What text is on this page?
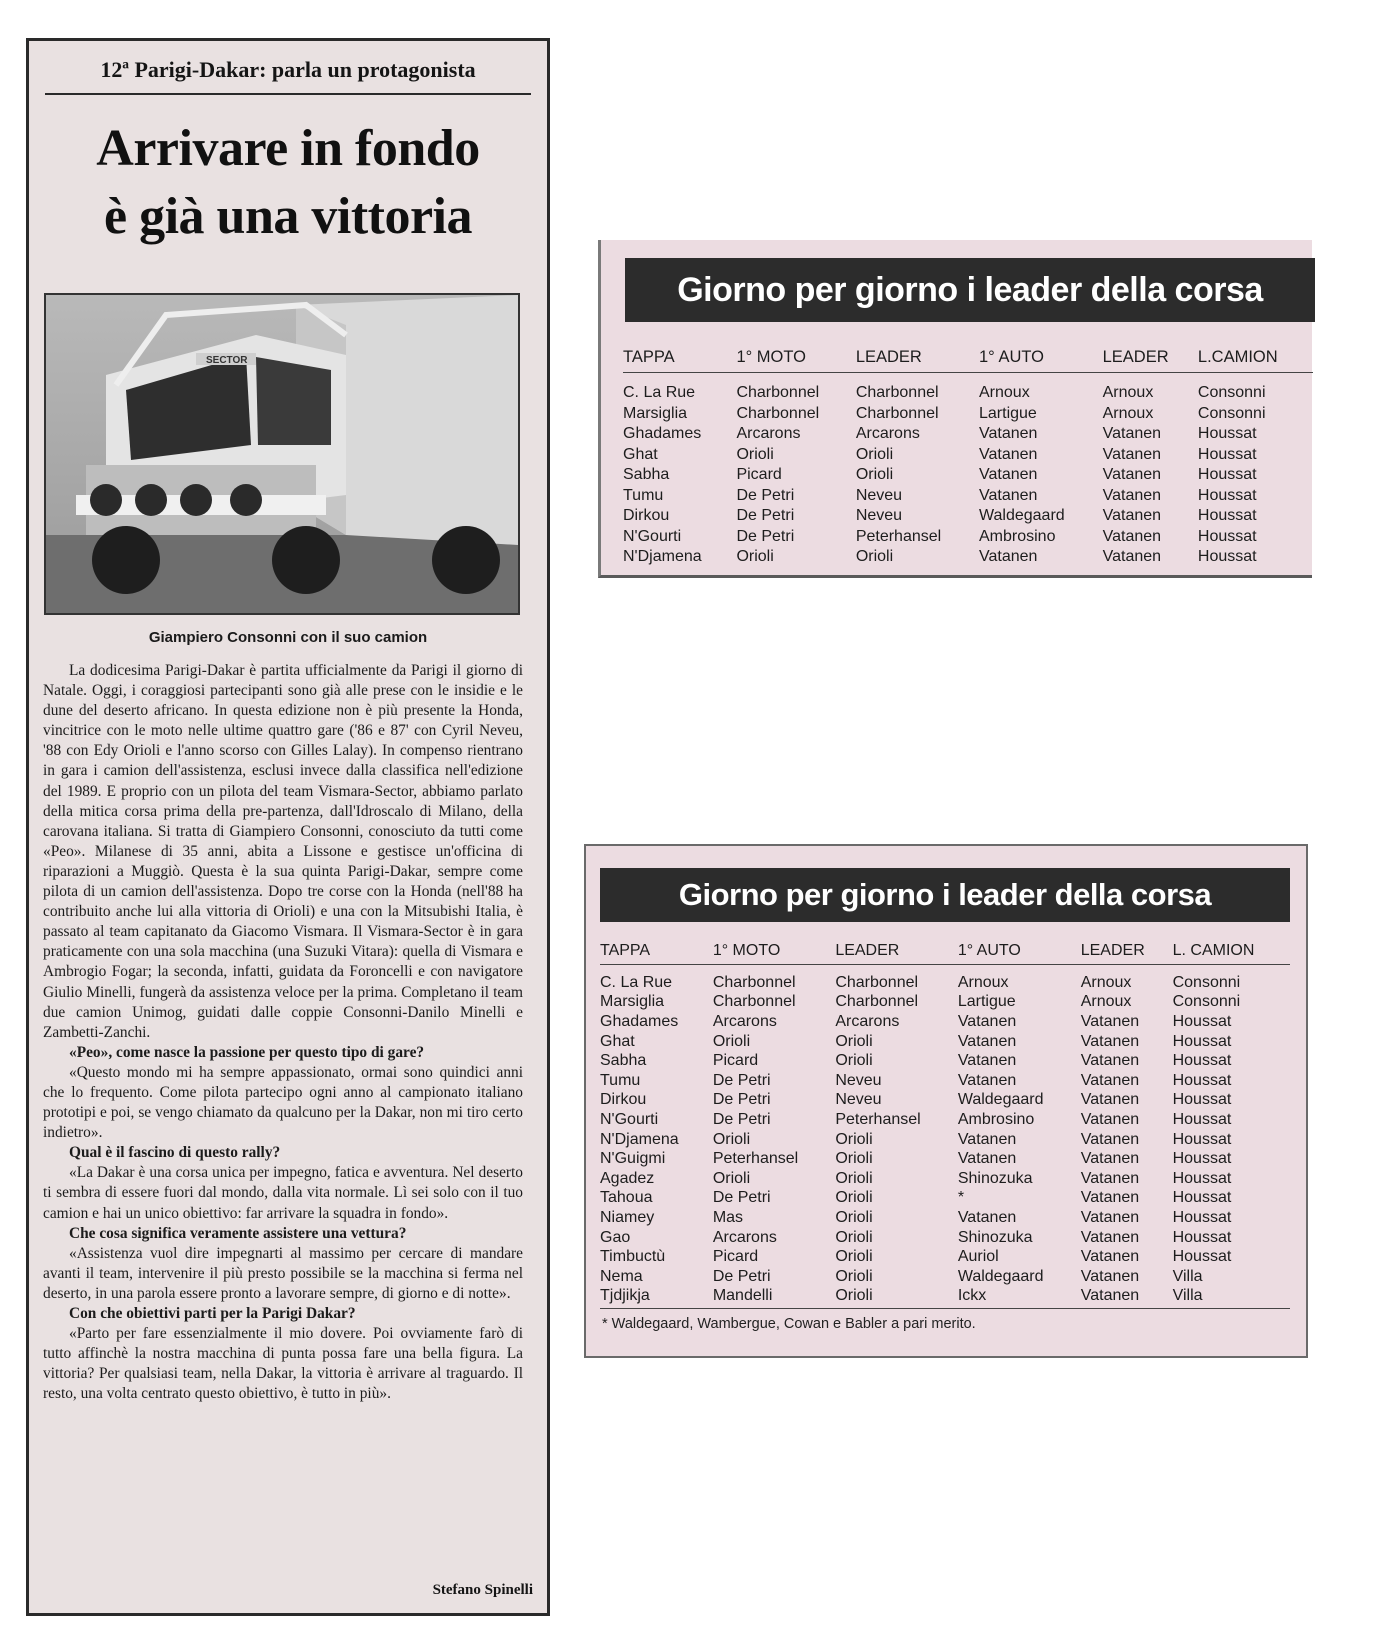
12ª Parigi-Dakar: parla un protagonista
Arrivare in fondo
è già una vittoria
SECTOR
Giampiero Consonni con il suo camion

La dodicesima Parigi-Dakar è partita ufficialmente da Parigi il giorno di Natale. Oggi, i coraggiosi partecipanti sono già alle prese con le insidie e le dune del deserto africano. In questa edizione non è più presente la Honda, vincitrice con le moto nelle ultime quattro gare ('86 e 87' con Cyril Neveu, '88 con Edy Orioli e l'anno scorso con Gilles Lalay). In compenso rientrano in gara i camion dell'assistenza, esclusi invece dalla classifica nell'edizione del 1989. E proprio con un pilota del team Vismara-Sector, abbiamo parlato della mitica corsa prima della pre-partenza, dall'Idroscalo di Milano, della carovana italiana. Si tratta di Giampiero Consonni, conosciuto da tutti come «Peo». Milanese di 35 anni, abita a Lissone e gestisce un'officina di riparazioni a Muggiò. Questa è la sua quinta Parigi-Dakar, sempre come pilota di un camion dell'assistenza. Dopo tre corse con la Honda (nell'88 ha contribuito anche lui alla vittoria di Orioli) e una con la Mitsubishi Italia, è passato al team capitanato da Giacomo Vismara. Il Vismara-Sector è in gara praticamente con una sola macchina (una Suzuki Vitara): quella di Vismara e Ambrogio Fogar; la seconda, infatti, guidata da Foroncelli e con navigatore Giulio Minelli, fungerà da assistenza veloce per la prima. Completano il team due camion Unimog, guidati dalle coppie Consonni-Danilo Minelli e Zambetti-Zanchi.

«Peo», come nasce la passione per questo tipo di gare?

«Questo mondo mi ha sempre appassionato, ormai sono quindici anni che lo frequento. Come pilota partecipo ogni anno al campionato italiano prototipi e poi, se vengo chiamato da qualcuno per la Dakar, non mi tiro certo indietro».

Qual è il fascino di questo rally?

«La Dakar è una corsa unica per impegno, fatica e avventura. Nel deserto ti sembra di essere fuori dal mondo, dalla vita normale. Lì sei solo con il tuo camion e hai un unico obiettivo: far arrivare la squadra in fondo».

Che cosa significa veramente assistere una vettura?

«Assistenza vuol dire impegnarti al massimo per cercare di mandare avanti il team, intervenire il più presto possibile se la macchina si ferma nel deserto, in una parola essere pronto a lavorare sempre, di giorno e di notte».

Con che obiettivi parti per la Parigi Dakar?

«Parto per fare essenzialmente il mio dovere. Poi ovviamente farò di tutto affinchè la nostra macchina di punta possa fare una bella figura. La vittoria? Per qualsiasi team, nella Dakar, la vittoria è arrivare al traguardo. Il resto, una volta centrato questo obiettivo, è tutto in più».

Stefano Spinelli
Giorno per giorno i leader della corsa
TAPPA	1° MOTO	LEADER	1° AUTO	LEADER	L.CAMION
C. La Rue	Charbonnel	Charbonnel	Arnoux	Arnoux	Consonni
Marsiglia	Charbonnel	Charbonnel	Lartigue	Arnoux	Consonni
Ghadames	Arcarons	Arcarons	Vatanen	Vatanen	Houssat
Ghat	Orioli	Orioli	Vatanen	Vatanen	Houssat
Sabha	Picard	Orioli	Vatanen	Vatanen	Houssat
Tumu	De Petri	Neveu	Vatanen	Vatanen	Houssat
Dirkou	De Petri	Neveu	Waldegaard	Vatanen	Houssat
N'Gourti	De Petri	Peterhansel	Ambrosino	Vatanen	Houssat
N'Djamena	Orioli	Orioli	Vatanen	Vatanen	Houssat
Giorno per giorno i leader della corsa
TAPPA	1° MOTO	LEADER	1° AUTO	LEADER	L. CAMION
C. La Rue	Charbonnel	Charbonnel	Arnoux	Arnoux	Consonni
Marsiglia	Charbonnel	Charbonnel	Lartigue	Arnoux	Consonni
Ghadames	Arcarons	Arcarons	Vatanen	Vatanen	Houssat
Ghat	Orioli	Orioli	Vatanen	Vatanen	Houssat
Sabha	Picard	Orioli	Vatanen	Vatanen	Houssat
Tumu	De Petri	Neveu	Vatanen	Vatanen	Houssat
Dirkou	De Petri	Neveu	Waldegaard	Vatanen	Houssat
N'Gourti	De Petri	Peterhansel	Ambrosino	Vatanen	Houssat
N'Djamena	Orioli	Orioli	Vatanen	Vatanen	Houssat
N'Guigmi	Peterhansel	Orioli	Vatanen	Vatanen	Houssat
Agadez	Orioli	Orioli	Shinozuka	Vatanen	Houssat
Tahoua	De Petri	Orioli	*	Vatanen	Houssat
Niamey	Mas	Orioli	Vatanen	Vatanen	Houssat
Gao	Arcarons	Orioli	Shinozuka	Vatanen	Houssat
Timbuctù	Picard	Orioli	Auriol	Vatanen	Houssat
Nema	De Petri	Orioli	Waldegaard	Vatanen	Villa
Tjdjikja	Mandelli	Orioli	Ickx	Vatanen	Villa
* Waldegaard, Wambergue, Cowan e Babler a pari merito.
